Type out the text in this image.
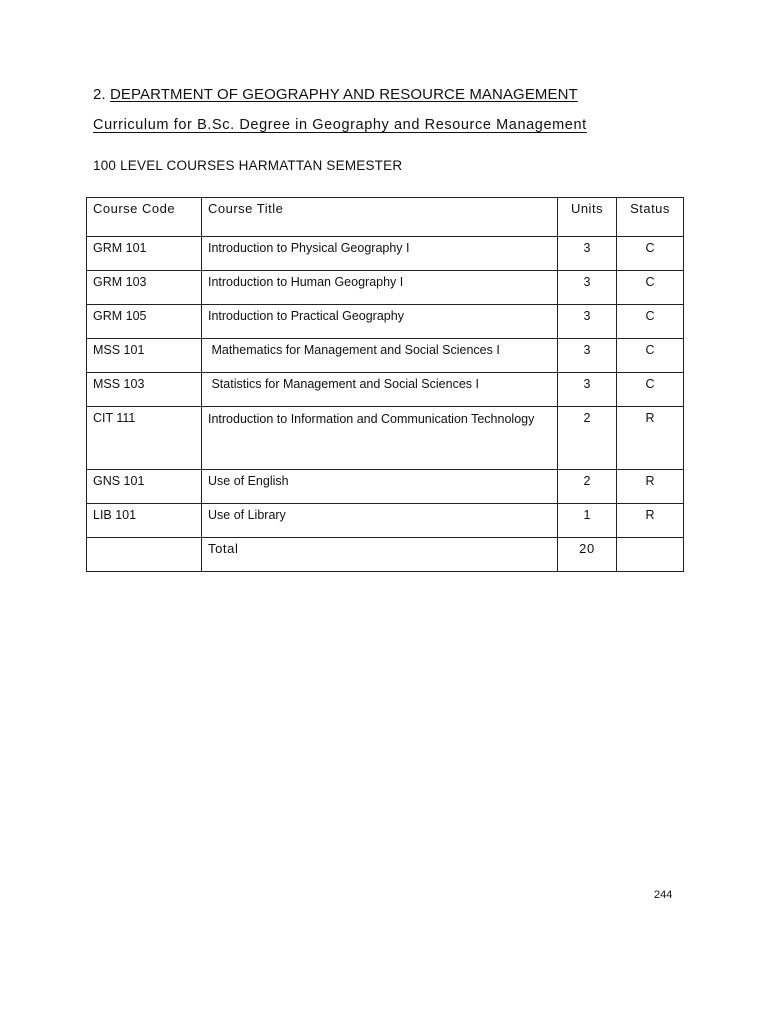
2. DEPARTMENT OF GEOGRAPHY AND RESOURCE MANAGEMENT
Curriculum for B.Sc. Degree in Geography and Resource Management
100 LEVEL COURSES HARMATTAN SEMESTER
Course Code	Course Title	Units	Status
GRM 101	Introduction to Physical Geography I	3	C
GRM 103	Introduction to Human Geography I	3	C
GRM 105	Introduction to Practical Geography	3	C
MSS 101	Mathematics for Management and Social Sciences I	3	C
MSS 103	Statistics for Management and Social Sciences I	3	C
CIT 111	Introduction to Information and Communication Technology	2	R
GNS 101	Use of English	2	R
LIB 101	Use of Library	1	R
	Total	20	
244
